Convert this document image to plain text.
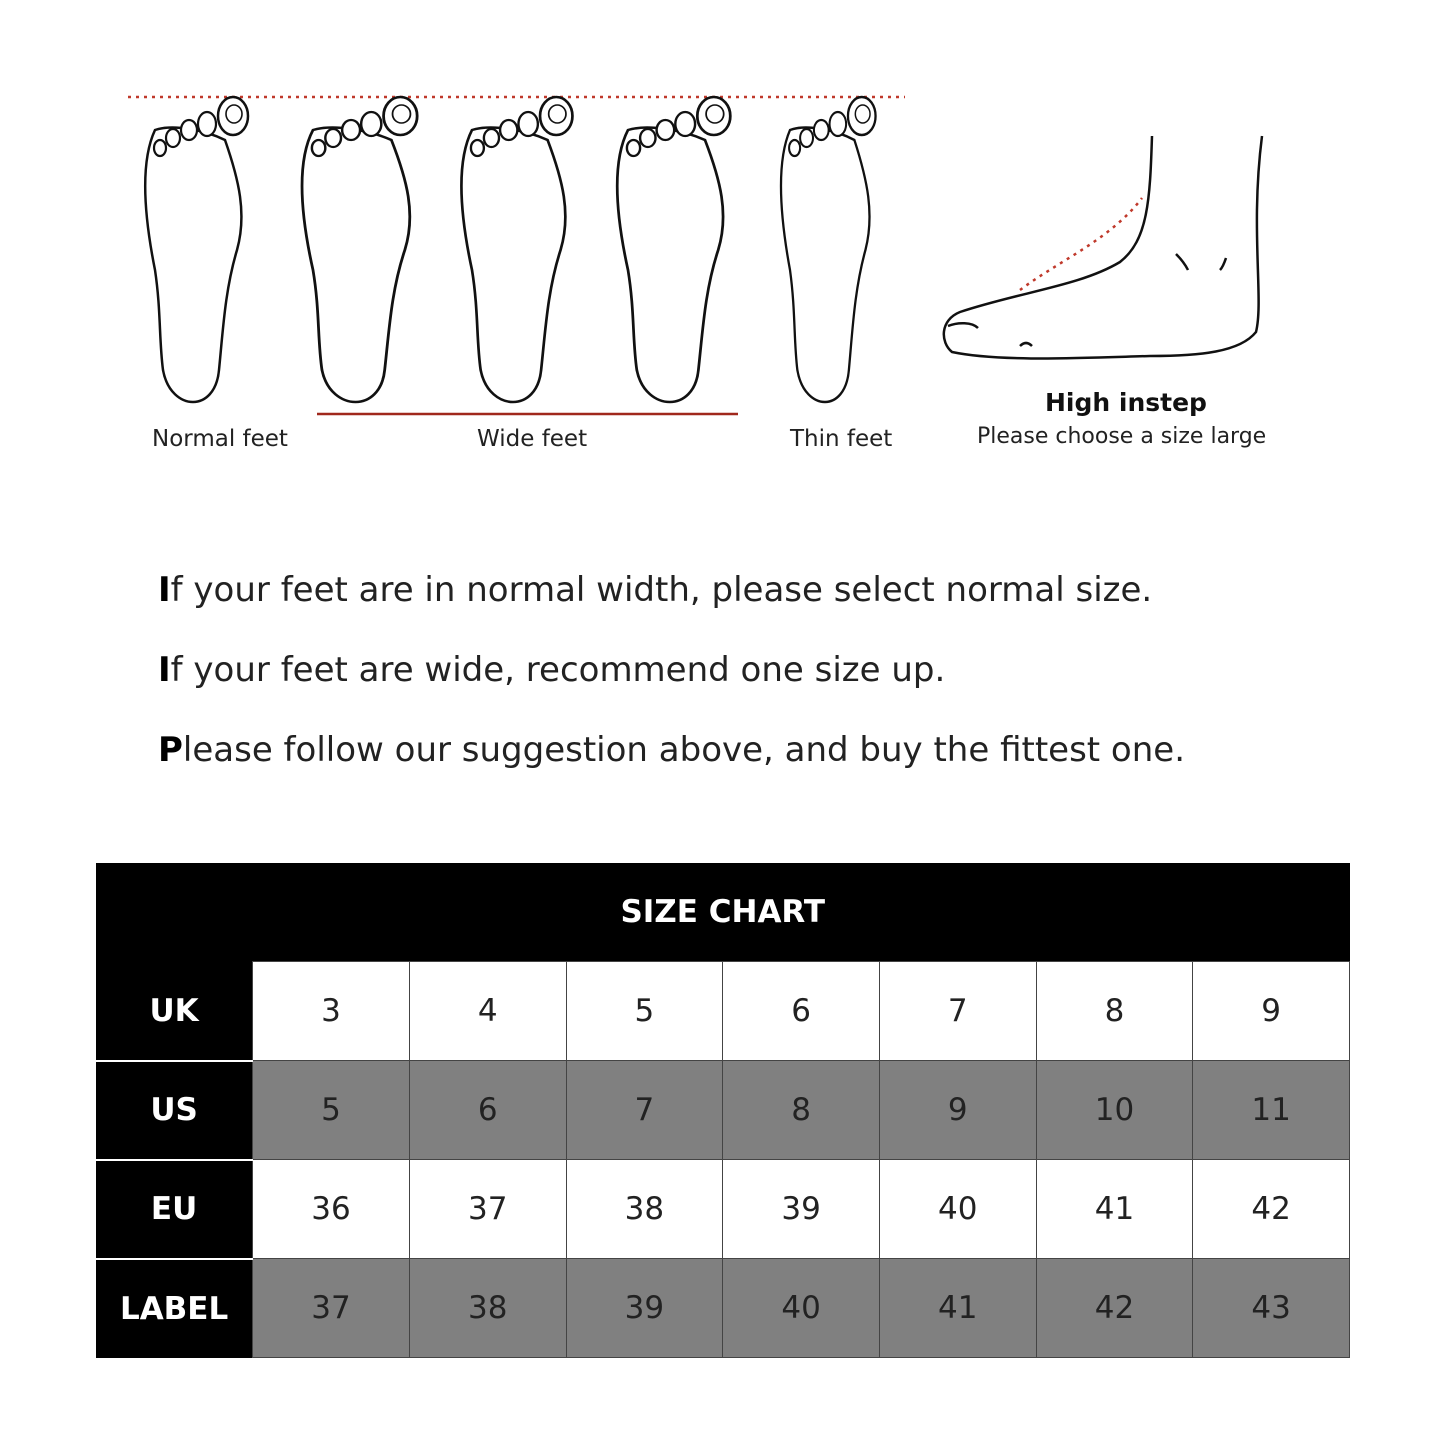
Normal feet	Wide feet	Thin feet
High instep
Please choose a size large
If your feet are in normal width, please select normal size.
If your feet are wide, recommend one size up.
Please follow our suggestion above, and buy the fittest one.
SIZE CHART							
UK	3	4	5	6	7	8	9
US	5	6	7	8	9	10	11
EU	36	37	38	39	40	41	42
LABEL	37	38	39	40	41	42	43
